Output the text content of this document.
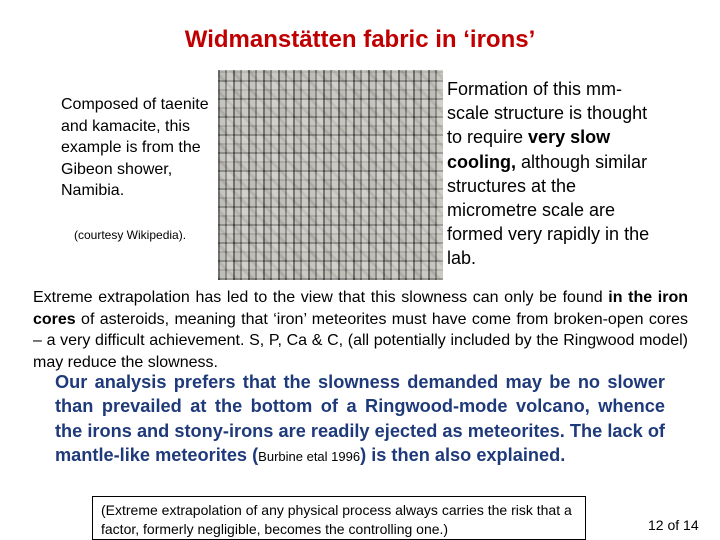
Widmanstätten fabric in ‘irons’
Composed of taenite and kamacite, this example is from the Gibeon shower, Namibia.
(courtesy Wikipedia).
Formation of this mm-scale structure is thought to require very slow cooling, although similar structures at the micrometre scale are formed very rapidly in the lab.
Extreme extrapolation has led to the view that this slowness can only be found in the iron cores of asteroids, meaning that ‘iron’ meteorites must have come from broken-open cores – a very difficult achievement. S, P, Ca & C, (all potentially included by the Ringwood model) may reduce the slowness.
Our analysis prefers that the slowness demanded may be no slower than prevailed at the bottom of a Ringwood-mode volcano, whence the irons and stony-irons are readily ejected as meteorites. The lack of mantle-like meteorites (Burbine etal 1996) is then also explained.
(Extreme extrapolation of any physical process always carries the risk that a factor, formerly negligible, becomes the controlling one.)	12 of 14
